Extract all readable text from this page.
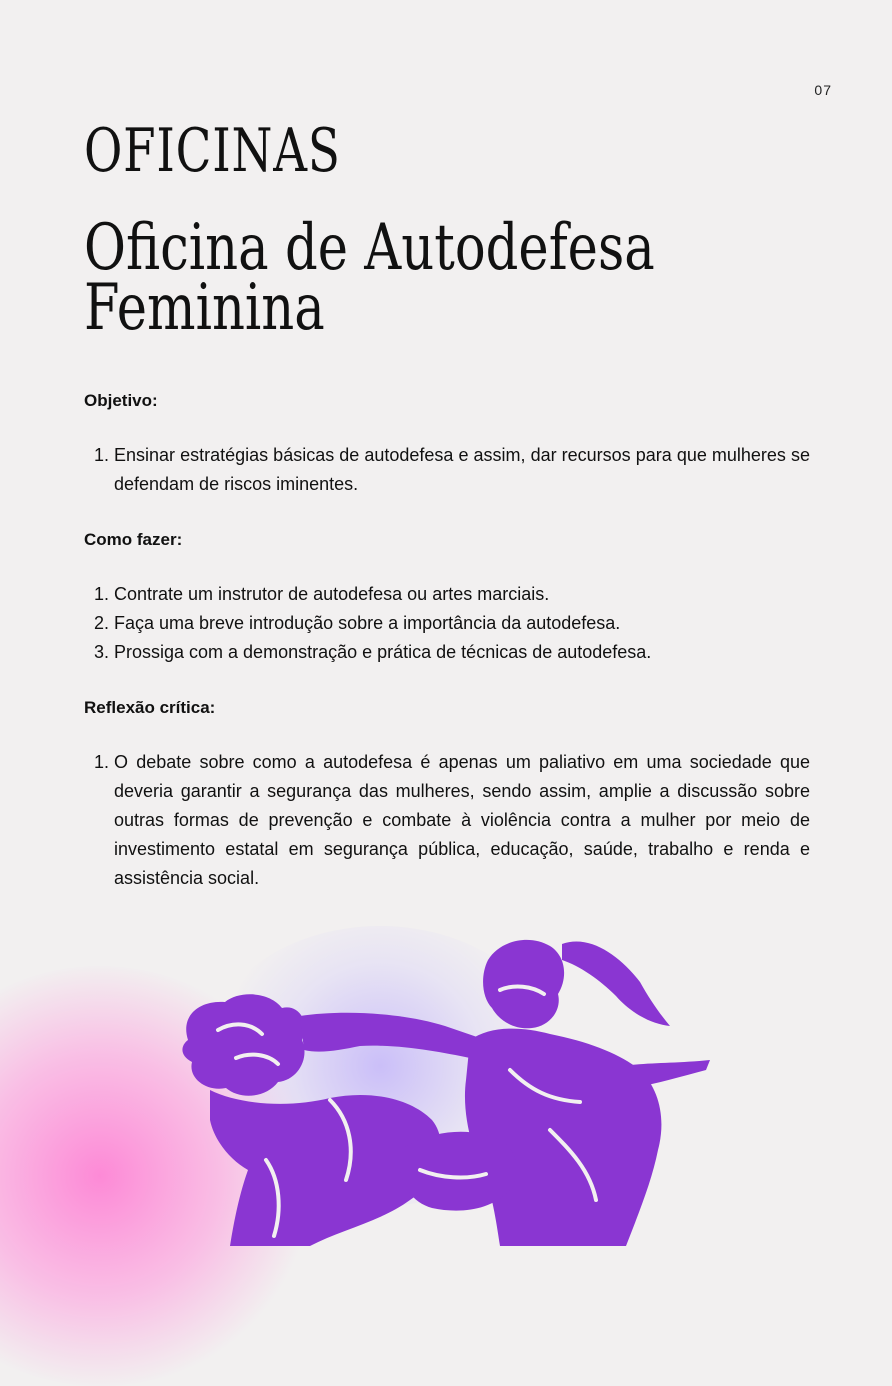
07
OFICINAS
Oficina de Autodefesa Feminina

Objetivo:

1. Ensinar estratégias básicas de autodefesa e assim, dar recursos para que mulheres se defendam de riscos iminentes.

Como fazer:

1. Contrate um instrutor de autodefesa ou artes marciais.
2. Faça uma breve introdução sobre a importância da autodefesa.
3. Prossiga com a demonstração e prática de técnicas de autodefesa.

Reflexão crítica:

1. O debate sobre como a autodefesa é apenas um paliativo em uma sociedade que deveria garantir a segurança das mulheres, sendo assim, amplie a discussão sobre outras formas de prevenção e combate à violência contra a mulher por meio de investimento estatal em segurança pública, educação, saúde, trabalho e renda e assistência social.
